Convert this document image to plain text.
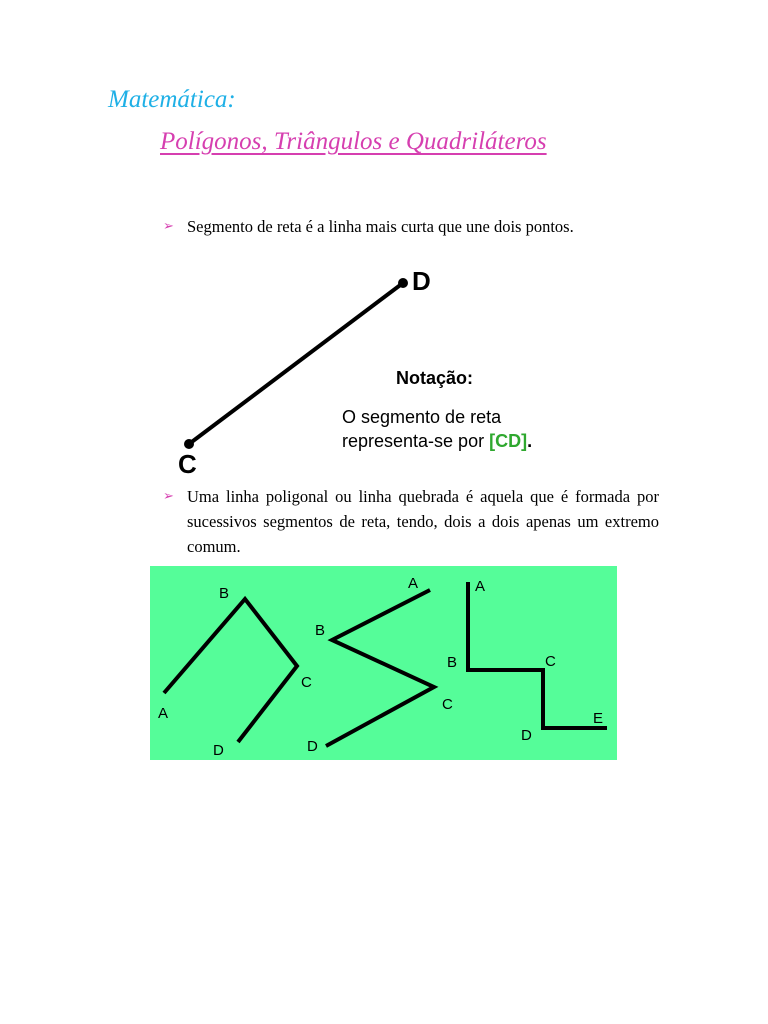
Matemática:
Polígonos, Triângulos e Quadriláteros
➢ Segmento de reta é a linha mais curta que une dois pontos.
C
D
Notação:
O segmento de reta
representa-se por [CD].
➢ Uma linha poligonal ou linha quebrada é aquela que é formada por sucessivos segmentos de reta, tendo, dois a dois apenas um extremo comum.
A
B
C
D
A
B
C
D
A
B	C
D
E
